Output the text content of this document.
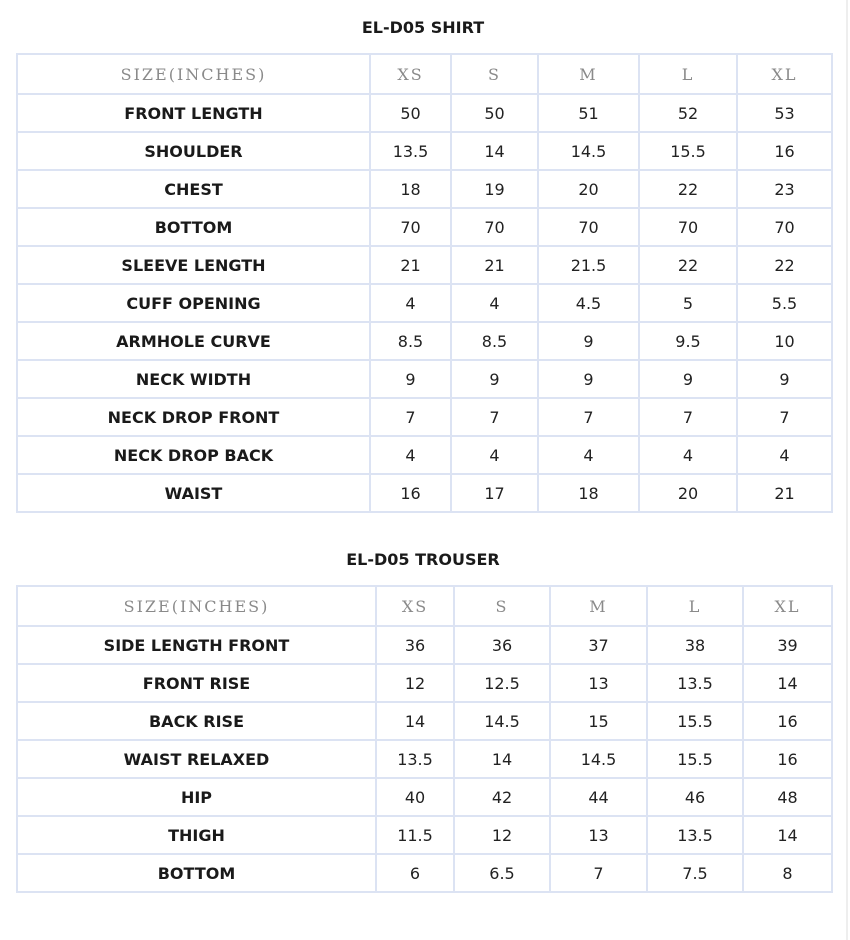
EL-D05 SHIRT
SIZE(INCHES)	XS	S	M	L	XL
FRONT LENGTH	50	50	51	52	53
SHOULDER	13.5	14	14.5	15.5	16
CHEST	18	19	20	22	23
BOTTOM	70	70	70	70	70
SLEEVE LENGTH	21	21	21.5	22	22
CUFF OPENING	4	4	4.5	5	5.5
ARMHOLE CURVE	8.5	8.5	9	9.5	10
NECK WIDTH	9	9	9	9	9
NECK DROP FRONT	7	7	7	7	7
NECK DROP BACK	4	4	4	4	4
WAIST	16	17	18	20	21
EL-D05 TROUSER
SIZE(INCHES)	XS	S	M	L	XL
SIDE LENGTH FRONT	36	36	37	38	39
FRONT RISE	12	12.5	13	13.5	14
BACK RISE	14	14.5	15	15.5	16
WAIST RELAXED	13.5	14	14.5	15.5	16
HIP	40	42	44	46	48
THIGH	11.5	12	13	13.5	14
BOTTOM	6	6.5	7	7.5	8
